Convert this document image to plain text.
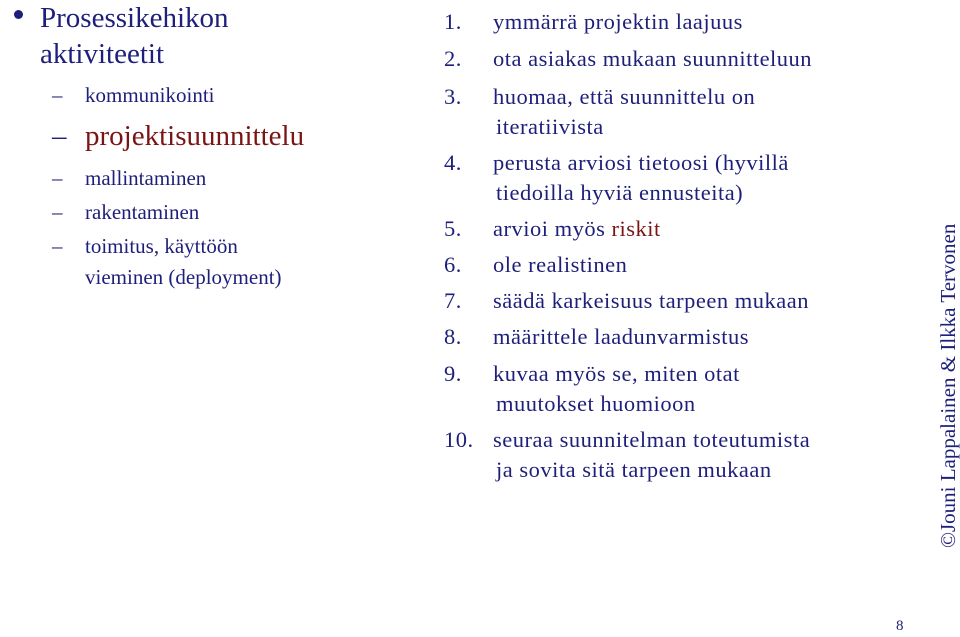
Prosessikehikon
aktiviteetit
– kommunikointi
– projektisuunnittelu
– mallintaminen
– rakentaminen
– toimitus, käyttöön
vieminen (deployment)
1. ymmärrä projektin laajuus
2. ota asiakas mukaan suunnitteluun
3. huomaa, että suunnittelu on
iteratiivista
4. perusta arviosi tietoosi (hyvillä
tiedoilla hyviä ennusteita)
5. arvioi myös riskit
6. ole realistinen
7. säädä karkeisuus tarpeen mukaan
8. määrittele laadunvarmistus
9. kuvaa myös se, miten otat
muutokset huomioon
10. seuraa suunnitelman toteutumista
ja sovita sitä tarpeen mukaan	©Jouni Lappalainen & Ilkka Tervonen
8
